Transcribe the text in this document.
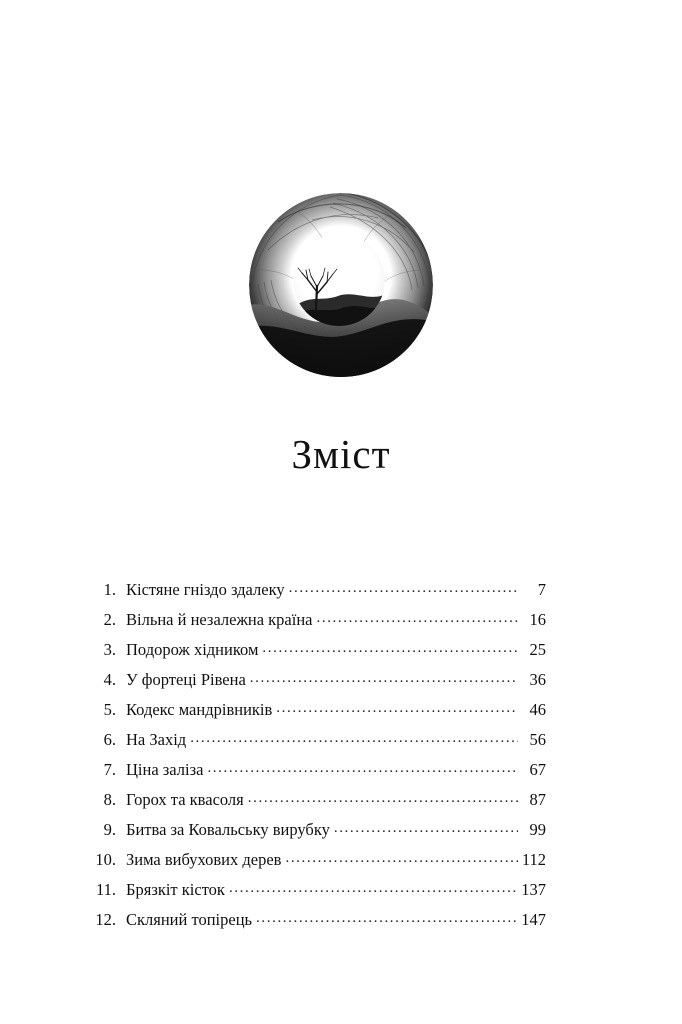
Зміст
1. Кістяне гніздо здалеку .....	7
2. Вільна й незалежна країна .....	16
3. Подорож хідником .....	25
4. У фортеці Рівена .....	36
5. Кодекс мандрівників .....	46
6. На Захід .....	56
7. Ціна заліза .....	67
8. Горох та квасоля .....	87
9. Битва за Ковальську вирубку .....	99
10. Зима вибухових дерев .....	112
11. Брязкіт кісток .....	137
12. Скляний топірець .....	147
